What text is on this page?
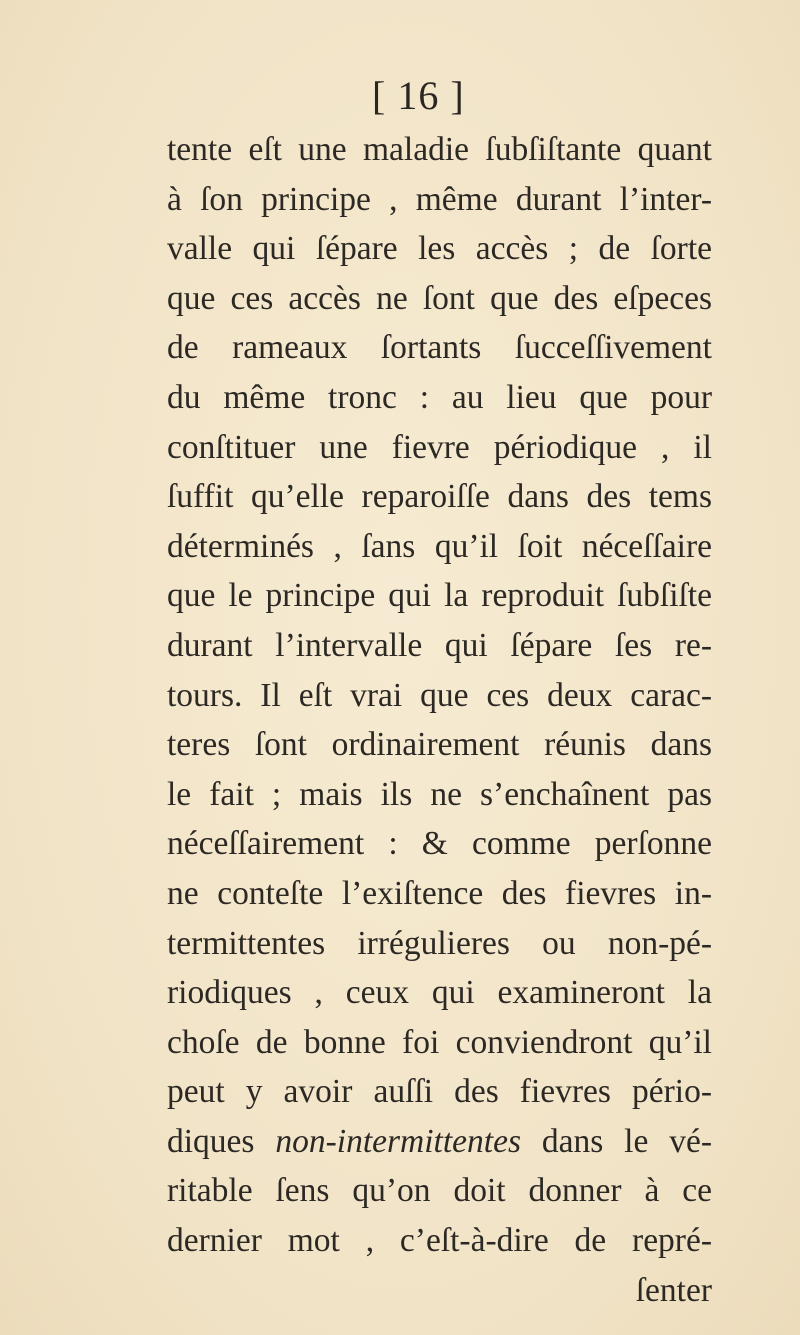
[ 16 ]
tente eſt une maladie ſubſiſtante quant
à ſon principe , même durant l’inter-
valle qui ſépare les accès ; de ſorte
que ces accès ne ſont que des eſpeces
de rameaux ſortants ſucceſſivement
du même tronc : au lieu que pour
conſtituer une fievre périodique , il
ſuffit qu’elle reparoiſſe dans des tems
déterminés , ſans qu’il ſoit néceſſaire
que le principe qui la reproduit ſubſiſte
durant l’intervalle qui ſépare ſes re-
tours. Il eſt vrai que ces deux carac-
teres ſont ordinairement réunis dans
le fait ; mais ils ne s’enchaînent pas
néceſſairement : & comme perſonne
ne conteſte l’exiſtence des fievres in-
termittentes irrégulieres ou non-pé-
riodiques , ceux qui examineront la
choſe de bonne foi conviendront qu’il
peut y avoir auſſi des fievres pério-
diques non-intermittentes dans le vé-
ritable ſens qu’on doit donner à ce
dernier mot , c’eſt-à-dire de repré-
ſenter
